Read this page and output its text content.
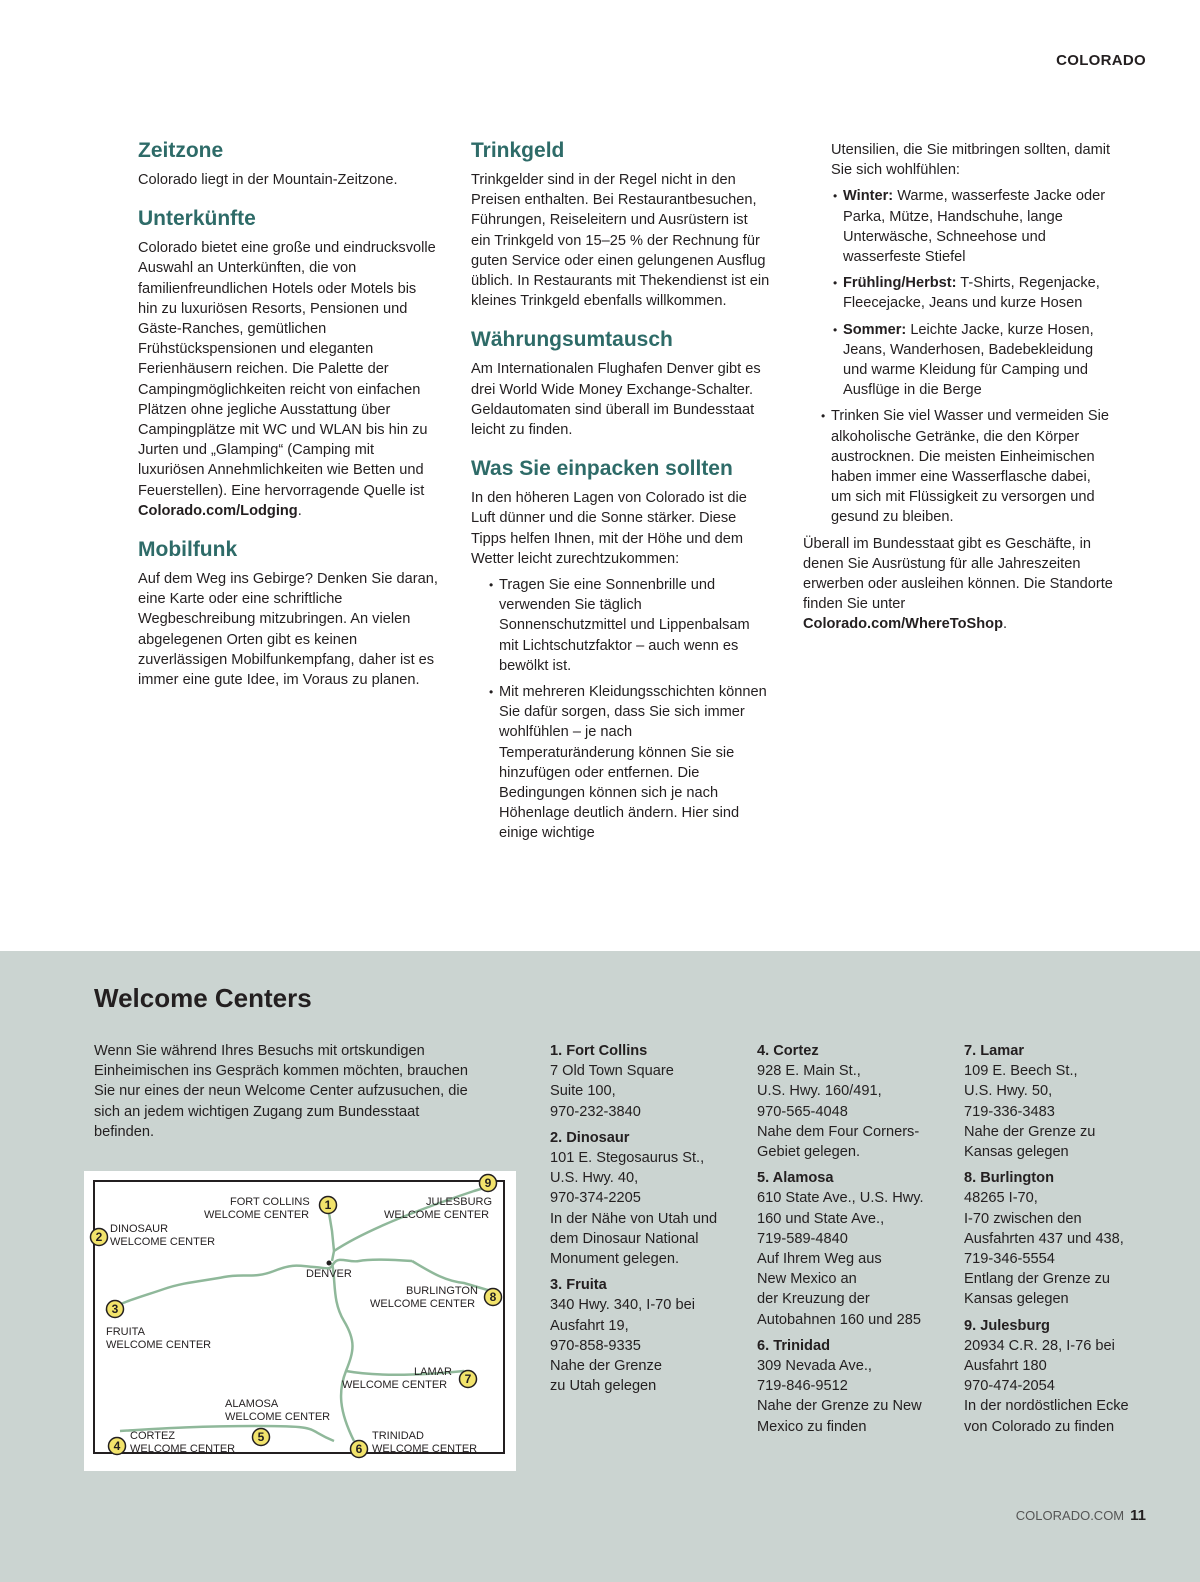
COLORADO
Zeitzone

Colorado liegt in der Mountain-Zeitzone.

Unterkünfte

Colorado bietet eine große und eindrucksvolle Auswahl an Unterkünften, die von familienfreundlichen Hotels oder Motels bis hin zu luxuriösen Resorts, Pensionen und Gäste-Ranches, gemütlichen Frühstückspensionen und eleganten Ferienhäusern reichen. Die Palette der Campingmöglichkeiten reicht von einfachen Plätzen ohne jegliche Ausstattung über Campingplätze mit WC und WLAN bis hin zu Jurten und „Glamping“ (Camping mit luxuriösen Annehmlichkeiten wie Betten und Feuerstellen). Eine hervorragende Quelle ist Colorado.com/Lodging.

Mobilfunk

Auf dem Weg ins Gebirge? Denken Sie daran, eine Karte oder eine schriftliche Wegbeschreibung mitzubringen. An vielen abgelegenen Orten gibt es keinen zuverlässigen Mobilfunkempfang, daher ist es immer eine gute Idee, im Voraus zu planen.

Trinkgeld

Trinkgelder sind in der Regel nicht in den Preisen enthalten. Bei Restaurantbesuchen, Führungen, Reiseleitern und Ausrüstern ist ein Trinkgeld von 15–25 % der Rechnung für guten Service oder einen gelungenen Ausflug üblich. In Restaurants mit Thekendienst ist ein kleines Trinkgeld ebenfalls willkommen.

Währungsumtausch

Am Internationalen Flughafen Denver gibt es drei World Wide Money Exchange-Schalter. Geldautomaten sind überall im Bundesstaat leicht zu finden.

Was Sie einpacken sollten

In den höheren Lagen von Colorado ist die Luft dünner und die Sonne stärker. Diese Tipps helfen Ihnen, mit der Höhe und dem Wetter leicht zurechtzukommen:

• Tragen Sie eine Sonnenbrille und verwenden Sie täglich Sonnenschutzmittel und Lippenbalsam mit Lichtschutzfaktor – auch wenn es bewölkt ist.
• Mit mehreren Kleidungsschichten können Sie dafür sorgen, dass Sie sich immer wohlfühlen – je nach Temperaturänderung können Sie sie hinzufügen oder entfernen. Die Bedingungen können sich je nach Höhenlage deutlich ändern. Hier sind einige wichtige

Utensilien, die Sie mitbringen sollten, damit Sie sich wohlfühlen:

• Winter: Warme, wasserfeste Jacke oder Parka, Mütze, Handschuhe, lange Unterwäsche, Schneehose und wasserfeste Stiefel
• Frühling/Herbst: T-Shirts, Regenjacke, Fleecejacke, Jeans und kurze Hosen
• Sommer: Leichte Jacke, kurze Hosen, Jeans, Wanderhosen, Badebekleidung und warme Kleidung für Camping und Ausflüge in die Berge
• Trinken Sie viel Wasser und vermeiden Sie alkoholische Getränke, die den Körper austrocknen. Die meisten Einheimischen haben immer eine Wasserflasche dabei, um sich mit Flüssigkeit zu versorgen und gesund zu bleiben.

Überall im Bundesstaat gibt es Geschäfte, in denen Sie Ausrüstung für alle Jahreszeiten erwerben oder ausleihen können. Die Standorte finden Sie unter Colorado.com/WhereToShop.

Welcome Centers

Wenn Sie während Ihres Besuchs mit ortskundigen Einheimischen ins Gespräch kommen möchten, brauchen Sie nur eines der neun Welcome Center aufzusuchen, die sich an jedem wichtigen Zugang zum Bundesstaat befinden.

DENVER
FORT COLLINS
WELCOME CENTER
DINOSAUR
WELCOME CENTER
FRUITA
WELCOME CENTER
CORTEZ
WELCOME CENTER
ALAMOSA
WELCOME CENTER
TRINIDAD
WELCOME CENTER
LAMAR
WELCOME CENTER
BURLINGTON
WELCOME CENTER
JULESBURG
WELCOME CENTER
1
2
3
4
5
6
7
8
9
1. Fort Collins
7 Old Town Square
Suite 100,
970-232-3840
2. Dinosaur
101 E. Stegosaurus St.,
U.S. Hwy. 40,
970-374-2205
In der Nähe von Utah und
dem Dinosaur National
Monument gelegen.
3. Fruita
340 Hwy. 340, I-70 bei
Ausfahrt 19,
970-858-9335
Nahe der Grenze
zu Utah gelegen
4. Cortez
928 E. Main St.,
U.S. Hwy. 160/491,
970-565-4048
Nahe dem Four Corners-
Gebiet gelegen.
5. Alamosa
610 State Ave., U.S. Hwy.
160 und State Ave.,
719-589-4840
Auf Ihrem Weg aus
New Mexico an
der Kreuzung der
Autobahnen 160 und 285
6. Trinidad
309 Nevada Ave.,
719-846-9512
Nahe der Grenze zu New
Mexico zu finden
7. Lamar
109 E. Beech St.,
U.S. Hwy. 50,
719-336-3483
Nahe der Grenze zu
Kansas gelegen
8. Burlington
48265 I-70,
I-70 zwischen den
Ausfahrten 437 und 438,
719-346-5554
Entlang der Grenze zu
Kansas gelegen
9. Julesburg
20934 C.R. 28, I-76 bei
Ausfahrt 180
970-474-2054
In der nordöstlichen Ecke
von Colorado zu finden
COLORADO.COM 11
